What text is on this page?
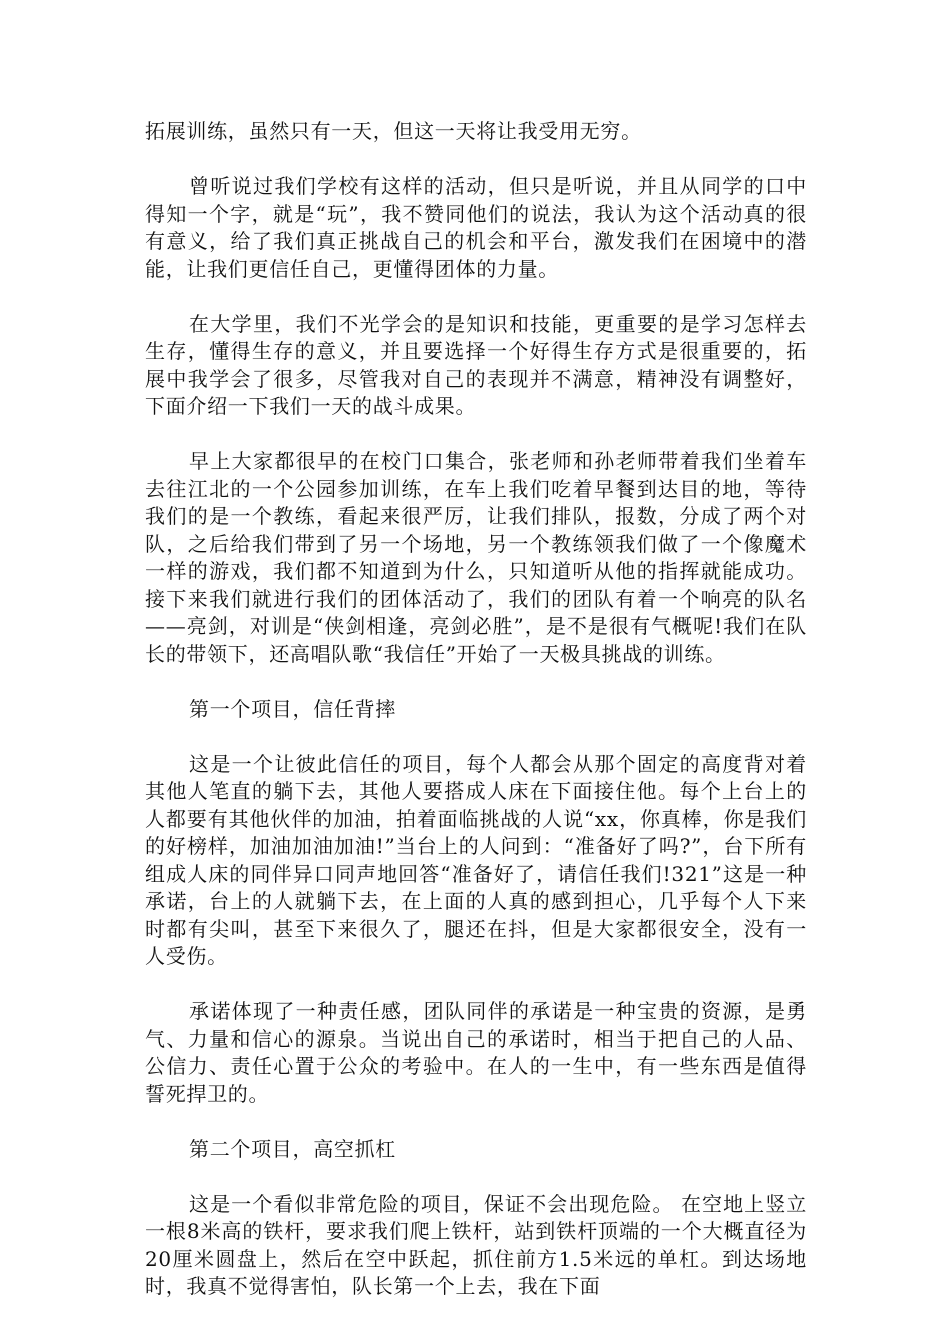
拓展训练，虽然只有一天，但这一天将让我受用无穷。

曾听说过我们学校有这样的活动，但只是听说，并且从同学的口中得知一个字，就是“玩”，我不赞同他们的说法，我认为这个活动真的很有意义，给了我们真正挑战自己的机会和平台，激发我们在困境中的潜能，让我们更信任自己，更懂得团体的力量。

在大学里，我们不光学会的是知识和技能，更重要的是学习怎样去生存，懂得生存的意义，并且要选择一个好得生存方式是很重要的，拓展中我学会了很多，尽管我对自己的表现并不满意，精神没有调整好，下面介绍一下我们一天的战斗成果。

早上大家都很早的在校门口集合，张老师和孙老师带着我们坐着车去往江北的一个公园参加训练，在车上我们吃着早餐到达目的地，等待我们的是一个教练，看起来很严厉，让我们排队，报数，分成了两个对队，之后给我们带到了另一个场地，另一个教练领我们做了一个像魔术一样的游戏，我们都不知道到为什么，只知道听从他的指挥就能成功。接下来我们就进行我们的团体活动了，我们的团队有着一个响亮的队名——亮剑，对训是“侠剑相逢，亮剑必胜”，是不是很有气概呢!我们在队长的带领下，还高唱队歌“我信任”开始了一天极具挑战的训练。

第一个项目，信任背摔

这是一个让彼此信任的项目，每个人都会从那个固定的高度背对着其他人笔直的躺下去，其他人要搭成人床在下面接住他。每个上台上的人都要有其他伙伴的加油，拍着面临挑战的人说“xx，你真棒，你是我们的好榜样，加油加油加油!”当台上的人问到：“准备好了吗?”，台下所有组成人床的同伴异口同声地回答“准备好了，请信任我们!321”这是一种承诺，台上的人就躺下去，在上面的人真的感到担心，几乎每个人下来时都有尖叫，甚至下来很久了，腿还在抖，但是大家都很安全，没有一人受伤。

承诺体现了一种责任感，团队同伴的承诺是一种宝贵的资源，是勇气、力量和信心的源泉。当说出自己的承诺时，相当于把自己的人品、公信力、责任心置于公众的考验中。在人的一生中，有一些东西是值得誓死捍卫的。

第二个项目，高空抓杠

这是一个看似非常危险的项目，保证不会出现危险。 在空地上竖立一根8米高的铁杆，要求我们爬上铁杆，站到铁杆顶端的一个大概直径为20厘米圆盘上，然后在空中跃起，抓住前方1.5米远的单杠。到达场地时，我真不觉得害怕，队长第一个上去，我在下面
